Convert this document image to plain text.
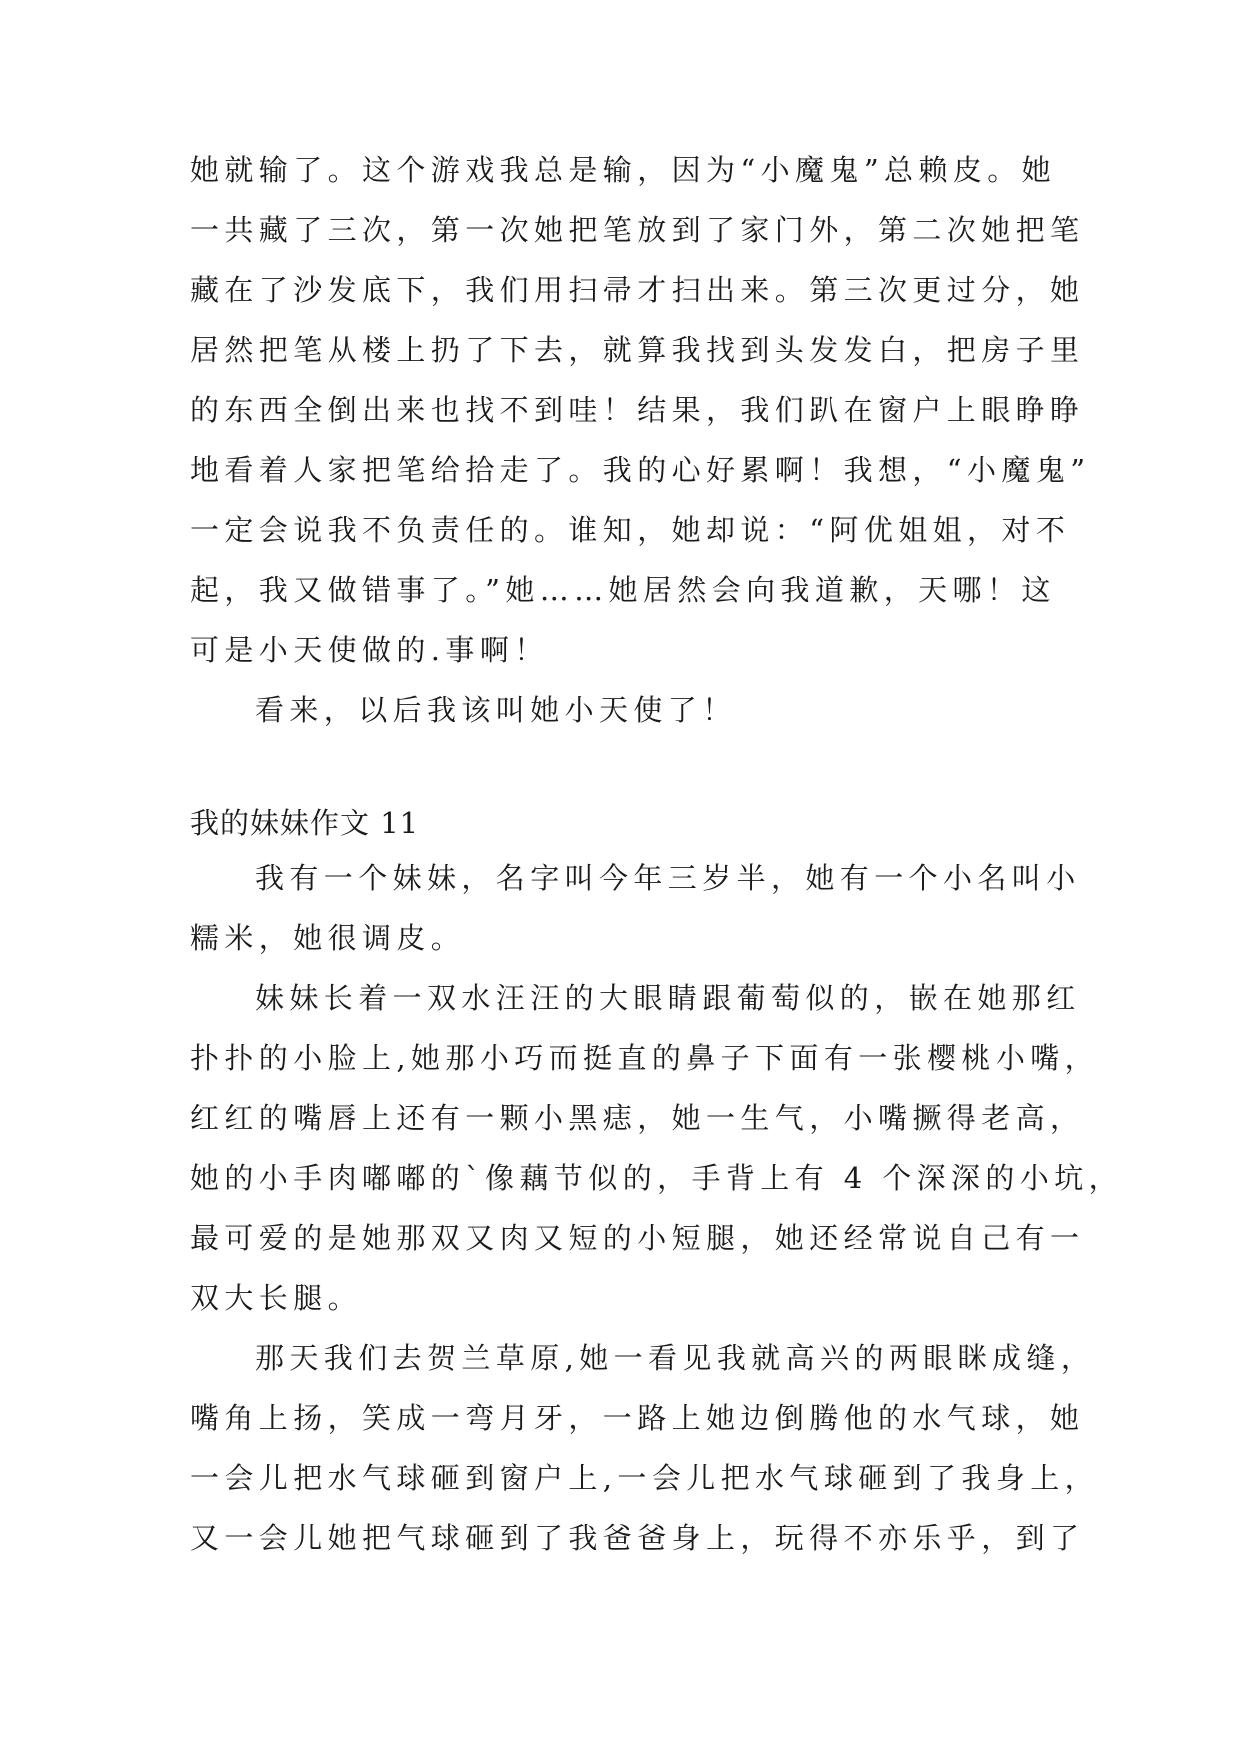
她就输了。这个游戏我总是输，因为“小魔鬼”总赖皮。她
一共藏了三次，第一次她把笔放到了家门外，第二次她把笔
藏在了沙发底下，我们用扫帚才扫出来。第三次更过分，她
居然把笔从楼上扔了下去，就算我找到头发发白，把房子里
的东西全倒出来也找不到哇！结果，我们趴在窗户上眼睁睁
地看着人家把笔给拾走了。我的心好累啊！我想，“小魔鬼”
一定会说我不负责任的。谁知，她却说：“阿优姐姐，对不
起，我又做错事了。”她……她居然会向我道歉，天哪！这
可是小天使做的.事啊！
看来，以后我该叫她小天使了！
我的妹妹作文 11
我有一个妹妹，名字叫今年三岁半，她有一个小名叫小
糯米，她很调皮。
妹妹长着一双水汪汪的大眼睛跟葡萄似的，嵌在她那红
扑扑的小脸上,她那小巧而挺直的鼻子下面有一张樱桃小嘴，
红红的嘴唇上还有一颗小黑痣，她一生气，小嘴撅得老高，
她的小手肉嘟嘟的`像藕节似的，手背上有 4 个深深的小坑，
最可爱的是她那双又肉又短的小短腿，她还经常说自己有一
双大长腿。
那天我们去贺兰草原,她一看见我就高兴的两眼眯成缝，
嘴角上扬，笑成一弯月牙，一路上她边倒腾他的水气球，她
一会儿把水气球砸到窗户上,一会儿把水气球砸到了我身上，
又一会儿她把气球砸到了我爸爸身上，玩得不亦乐乎，到了
